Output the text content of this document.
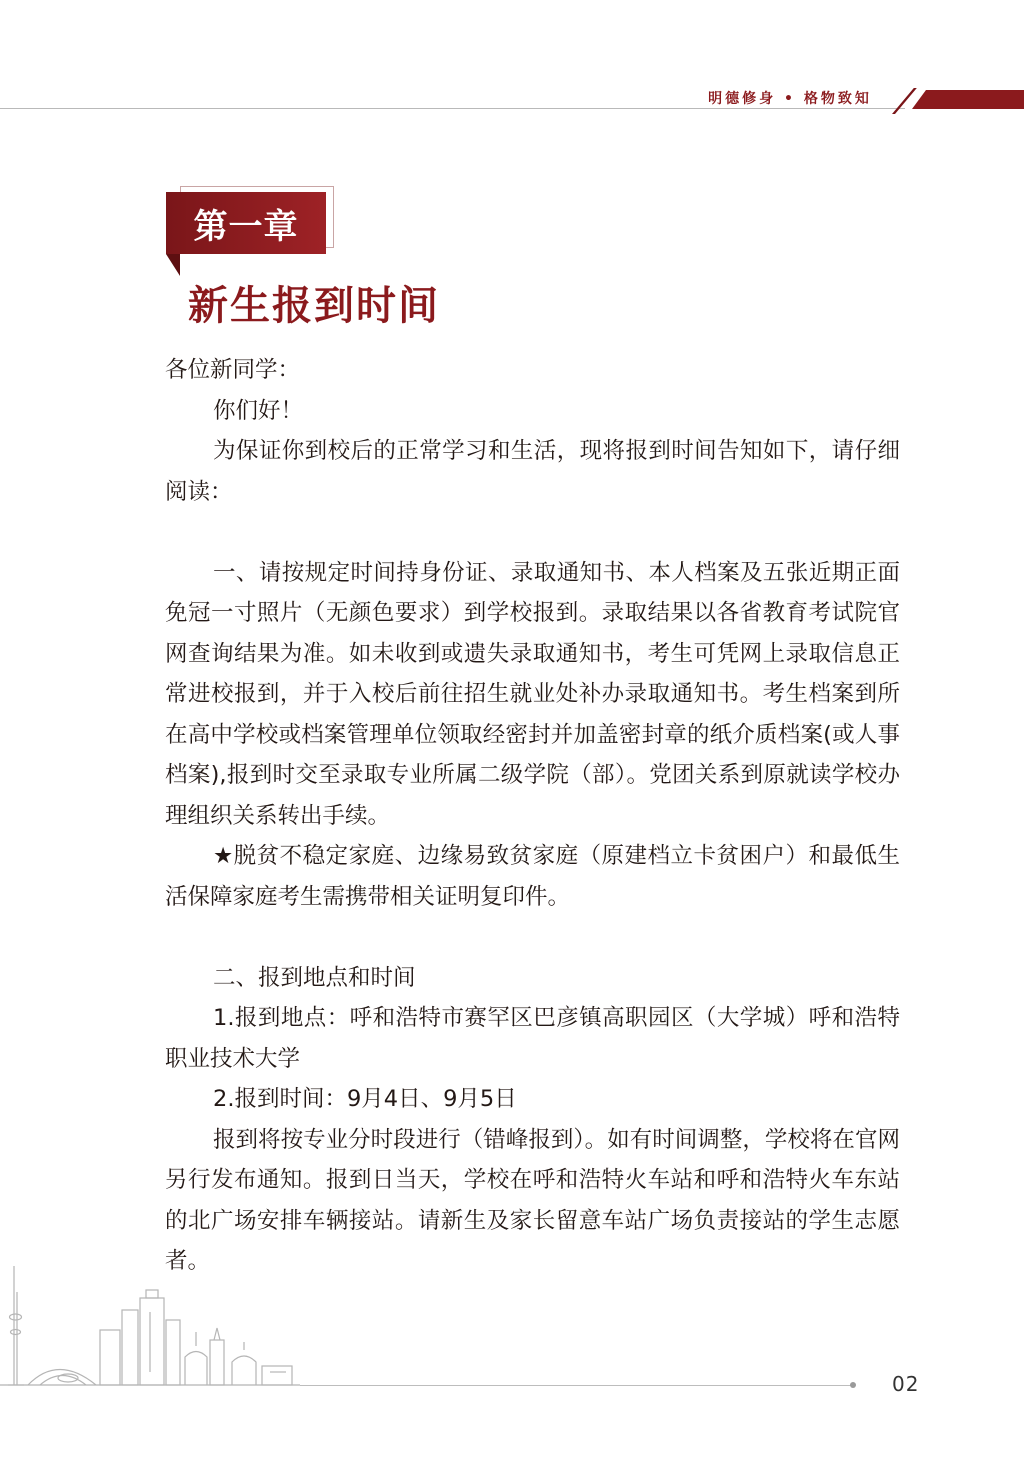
明德修身 • 格物致知
第一章
新生报到时间

各位新同学：

你们好！

为保证你到校后的正常学习和生活，现将报到时间告知如下，请仔细阅读：

一、请按规定时间持身份证、录取通知书、本人档案及五张近期正面免冠一寸照片（无颜色要求）到学校报到。录取结果以各省教育考试院官网查询结果为准。如未收到或遗失录取通知书，考生可凭网上录取信息正常进校报到，并于入校后前往招生就业处补办录取通知书。考生档案到所在高中学校或档案管理单位领取经密封并加盖密封章的纸介质档案(或人事档案),报到时交至录取专业所属二级学院（部）。党团关系到原就读学校办理组织关系转出手续。

★脱贫不稳定家庭、边缘易致贫家庭（原建档立卡贫困户）和最低生活保障家庭考生需携带相关证明复印件。

二、报到地点和时间

1.报到地点：呼和浩特市赛罕区巴彦镇高职园区（大学城）呼和浩特职业技术大学

2.报到时间：9月4日、9月5日

报到将按专业分时段进行（错峰报到）。如有时间调整，学校将在官网另行发布通知。报到日当天，学校在呼和浩特火车站和呼和浩特火车东站的北广场安排车辆接站。请新生及家长留意车站广场负责接站的学生志愿者。

02
